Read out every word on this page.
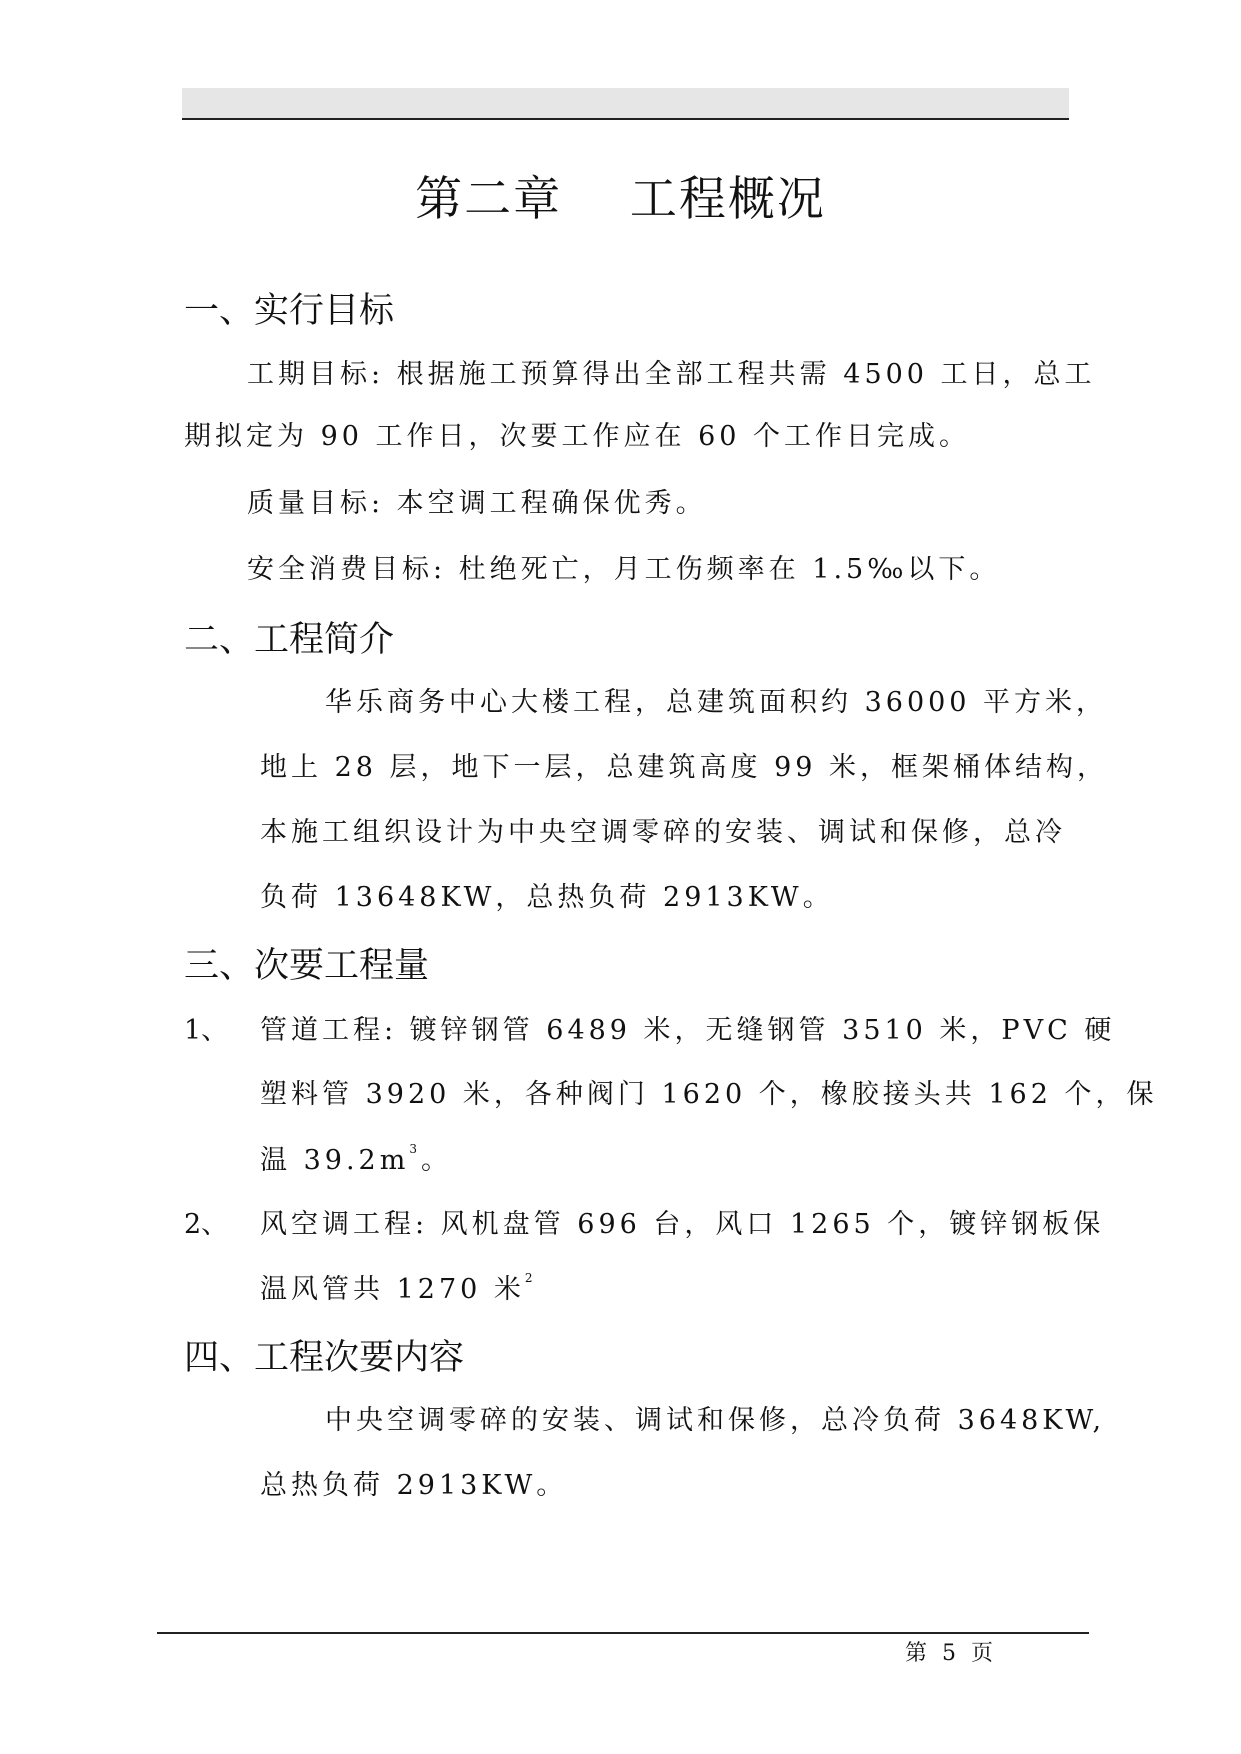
第二章    工程概况
一、实行目标
工期目标: 根据施工预算得出全部工程共需 4500 工日，总工
期拟定为 90 工作日，次要工作应在 60 个工作日完成。
质量目标: 本空调工程确保优秀。
安全消费目标: 杜绝死亡，月工伤频率在 1.5‰以下。
二、工程简介
华乐商务中心大楼工程，总建筑面积约 36000 平方米，
地上 28 层，地下一层，总建筑高度 99 米，框架桶体结构，
本施工组织设计为中央空调零碎的安装、调试和保修，总冷
负荷 13648KW，总热负荷 2913KW。
三、次要工程量
1、 管道工程: 镀锌钢管 6489 米，无缝钢管 3510 米，PVC 硬
塑料管 3920 米，各种阀门 1620 个，橡胶接头共 162 个，保
温 $39.2m^3$。
2、 风空调工程: 风机盘管 696 台，风口 1265 个，镀锌钢板保
温风管共 1270 米$^2$
四、工程次要内容
中央空调零碎的安装、调试和保修，总冷负荷 3648KW,
总热负荷 2913KW。
第 5 页
